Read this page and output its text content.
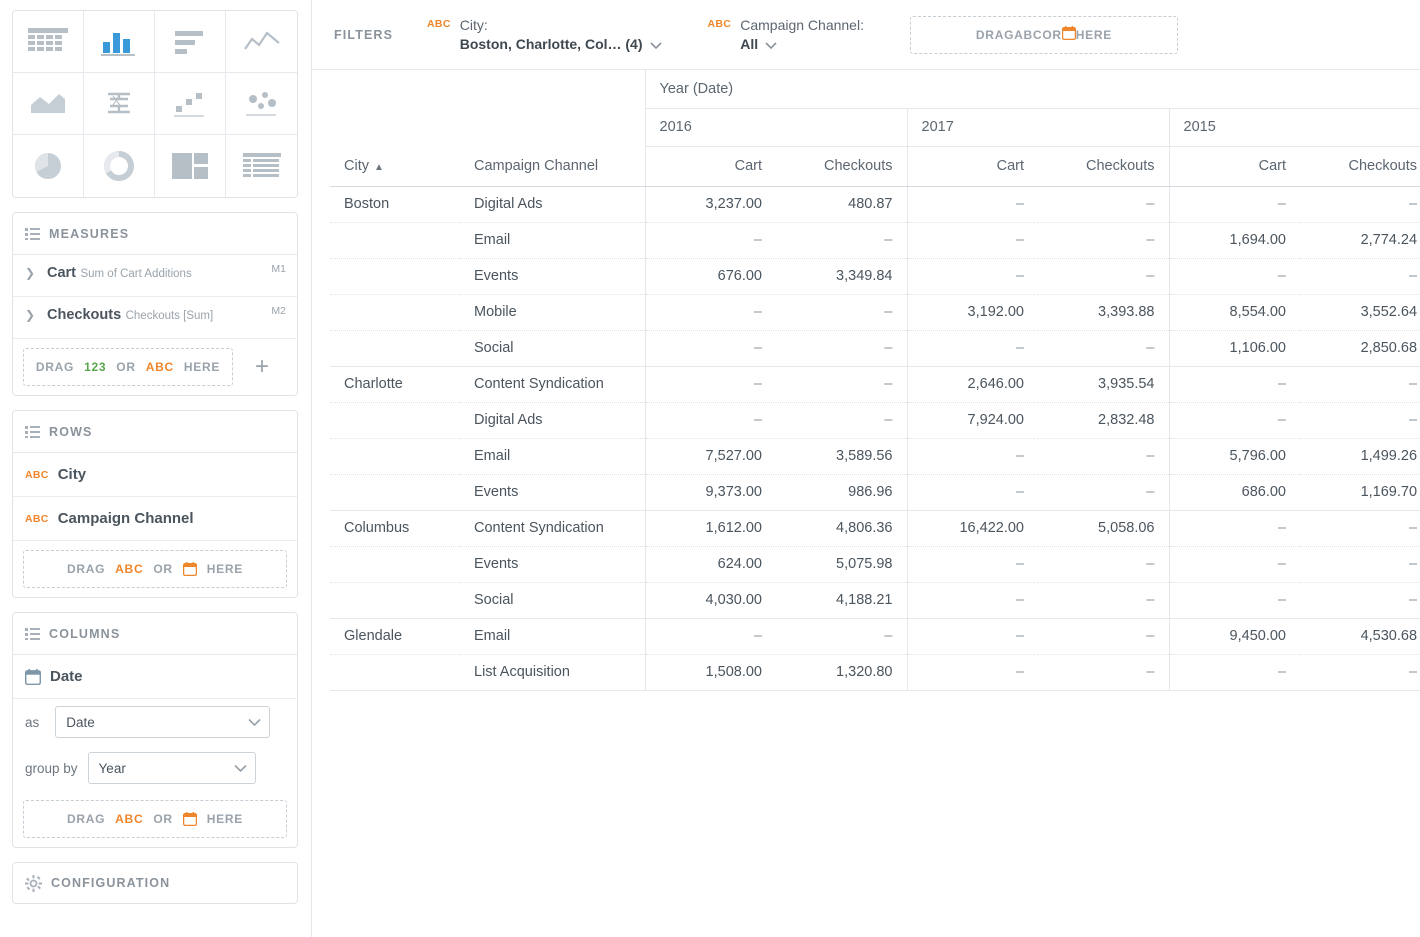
X
MEASURES
❯ Cart Sum of Cart Additions	M1
❯ Checkouts Checkouts [Sum]	M2
DRAG 123 OR ABC HERE	+
ROWS
ABC City
ABC Campaign Channel
DRAG ABC OR	HERE
COLUMNS
Date
as Date
group by Year
DRAG ABC OR	HERE
CONFIGURATION
FILTERS
ABC City:
Boston, Charlotte, Col… (4)
ABC Campaign Channel:
All
DRAG ABC OR HERE
		Year (Date)					
		2016		2017		2015	
City ▲	Campaign Channel	Cart	Checkouts	Cart	Checkouts	Cart	Checkouts
Boston	Digital Ads	3,237.00	480.87	–	–	–	–
	Email	–	–	–	–	1,694.00	2,774.24
	Events	676.00	3,349.84	–	–	–	–
	Mobile	–	–	3,192.00	3,393.88	8,554.00	3,552.64
	Social	–	–	–	–	1,106.00	2,850.68
Charlotte	Content Syndication	–	–	2,646.00	3,935.54	–	–
	Digital Ads	–	–	7,924.00	2,832.48	–	–
	Email	7,527.00	3,589.56	–	–	5,796.00	1,499.26
	Events	9,373.00	986.96	–	–	686.00	1,169.70
Columbus	Content Syndication	1,612.00	4,806.36	16,422.00	5,058.06	–	–
	Events	624.00	5,075.98	–	–	–	–
	Social	4,030.00	4,188.21	–	–	–	–
Glendale	Email	–	–	–	–	9,450.00	4,530.68
	List Acquisition	1,508.00	1,320.80	–	–	–	–
